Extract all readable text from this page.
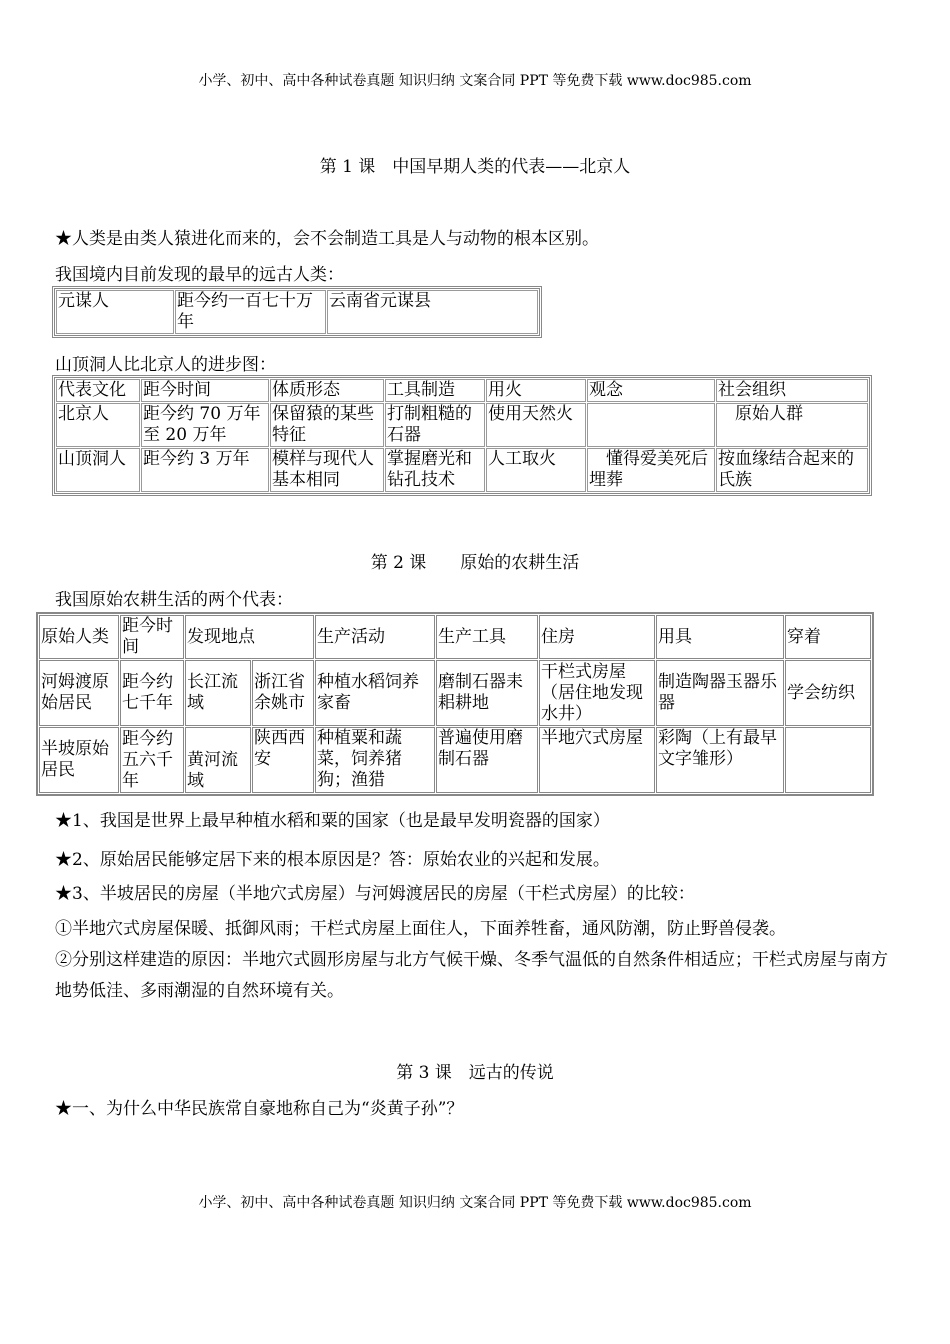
小学、初中、高中各种试卷真题 知识归纳 文案合同 PPT 等免费下载 www.doc985.com
第 1 课　中国早期人类的代表——北京人
★人类是由类人猿进化而来的，会不会制造工具是人与动物的根本区别。
我国境内目前发现的最早的远古人类：
元谋人	距今约一百七十万年	云南省元谋县
山顶洞人比北京人的进步图：
代表文化	距今时间	体质形态	工具制造	用火	观念	社会组织
北京人	距今约 70 万年至 20 万年	保留猿的某些特征	打制粗糙的石器	使用天然火		　原始人群
山顶洞人	距今约 3 万年	模样与现代人基本相同	掌握磨光和钻孔技术	人工取火	　懂得爱美死后埋葬	按血缘结合起来的氏族
第 2 课　　原始的农耕生活
我国原始农耕生活的两个代表：
原始人类	距今时间	发现地点		生产活动	生产工具	住房	用具	穿着
河姆渡原始居民	距今约七千年	长江流域	浙江省余姚市	种植水稻饲养家畜	磨制石器耒耜耕地	干栏式房屋（居住地发现水井）	制造陶器玉器乐器	学会纺织
半坡原始居民	距今约五六千年	黄河流域	陕西西安	种植粟和蔬菜，饲养猪狗；渔猎	普遍使用磨制石器	半地穴式房屋	彩陶（上有最早文字雏形）	
★1、我国是世界上最早种植水稻和粟的国家（也是最早发明瓷器的国家）
★2、原始居民能够定居下来的根本原因是？答：原始农业的兴起和发展。
★3、半坡居民的房屋（半地穴式房屋）与河姆渡居民的房屋（干栏式房屋）的比较：
①半地穴式房屋保暖、抵御风雨；干栏式房屋上面住人，下面养牲畜，通风防潮，防止野兽侵袭。
②分别这样建造的原因：半地穴式圆形房屋与北方气候干燥、冬季气温低的自然条件相适应；干栏式房屋与南方地势低洼、多雨潮湿的自然环境有关。
第 3 课　远古的传说
★一、为什么中华民族常自豪地称自己为“炎黄子孙”？
小学、初中、高中各种试卷真题 知识归纳 文案合同 PPT 等免费下载 www.doc985.com
